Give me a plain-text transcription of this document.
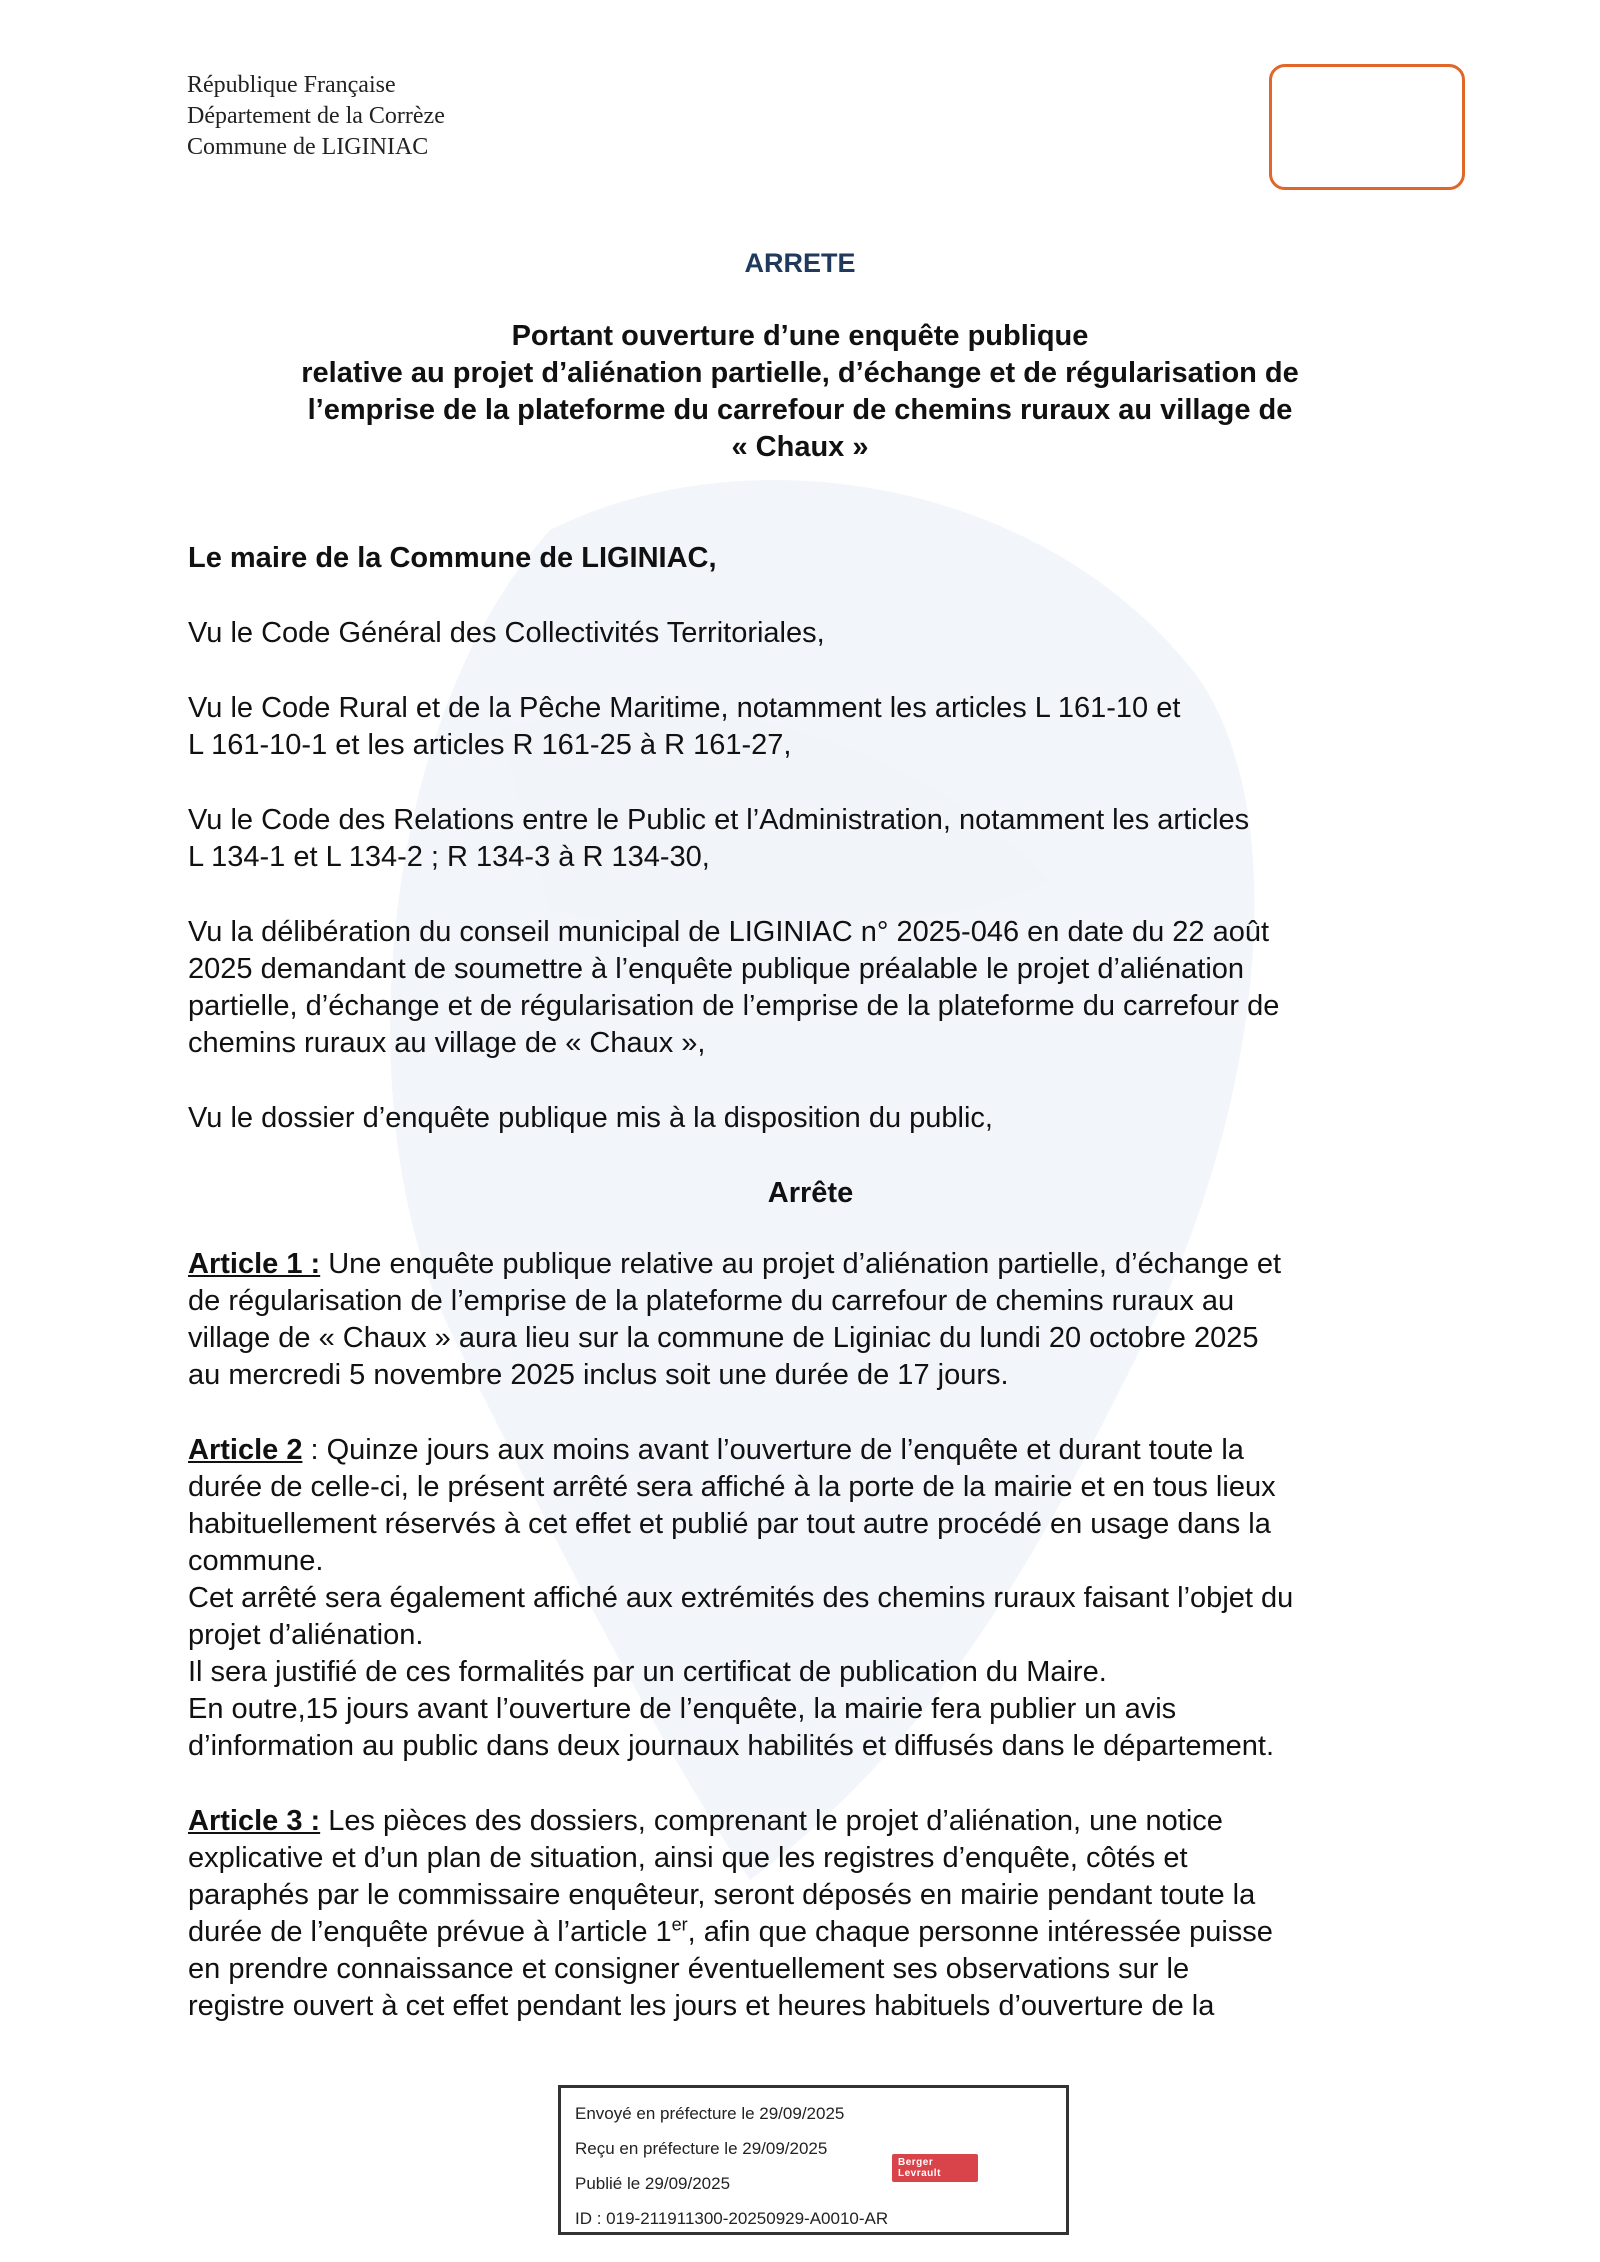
République Française
Département de la Corrèze
Commune de LIGINIAC
ARRETE
Portant ouverture d’une enquête publique
relative au projet d’aliénation partielle, d’échange et de régularisation de
l’emprise de la plateforme du carrefour de chemins ruraux au village de
« Chaux »

Le maire de la Commune de LIGINIAC,

Vu le Code Général des Collectivités Territoriales,

Vu le Code Rural et de la Pêche Maritime, notamment les articles L 161-10 et
L 161-10-1 et les articles R 161-25 à R 161-27,

Vu le Code des Relations entre le Public et l’Administration, notamment les articles
L 134-1 et L 134-2 ; R 134-3 à R 134-30,

Vu la délibération du conseil municipal de LIGINIAC n° 2025-046 en date du 22 août
2025 demandant de soumettre à l’enquête publique préalable le projet d’aliénation
partielle, d’échange et de régularisation de l’emprise de la plateforme du carrefour de
chemins ruraux au village de « Chaux »,

Vu le dossier d’enquête publique mis à la disposition du public,

Arrête

Article 1 : Une enquête publique relative au projet d’aliénation partielle, d’échange et
de régularisation de l’emprise de la plateforme du carrefour de chemins ruraux au
village de « Chaux » aura lieu sur la commune de Liginiac du lundi 20 octobre 2025
au mercredi 5 novembre 2025 inclus soit une durée de 17 jours.

Article 2 : Quinze jours aux moins avant l’ouverture de l’enquête et durant toute la
durée de celle-ci, le présent arrêté sera affiché à la porte de la mairie et en tous lieux
habituellement réservés à cet effet et publié par tout autre procédé en usage dans la
commune.
Cet arrêté sera également affiché aux extrémités des chemins ruraux faisant l’objet du
projet d’aliénation.
Il sera justifié de ces formalités par un certificat de publication du Maire.
En outre,15 jours avant l’ouverture de l’enquête, la mairie fera publier un avis
d’information au public dans deux journaux habilités et diffusés dans le département.

Article 3 : Les pièces des dossiers, comprenant le projet d’aliénation, une notice
explicative et d’un plan de situation, ainsi que les registres d’enquête, côtés et
paraphés par le commissaire enquêteur, seront déposés en mairie pendant toute la
durée de l’enquête prévue à l’article 1er, afin que chaque personne intéressée puisse
en prendre connaissance et consigner éventuellement ses observations sur le
registre ouvert à cet effet pendant les jours et heures habituels d’ouverture de la

Envoyé en préfecture le 29/09/2025
Reçu en préfecture le 29/09/2025
Publié le 29/09/2025
ID : 019-211911300-20250929-A0010-AR
Berger Levrault
